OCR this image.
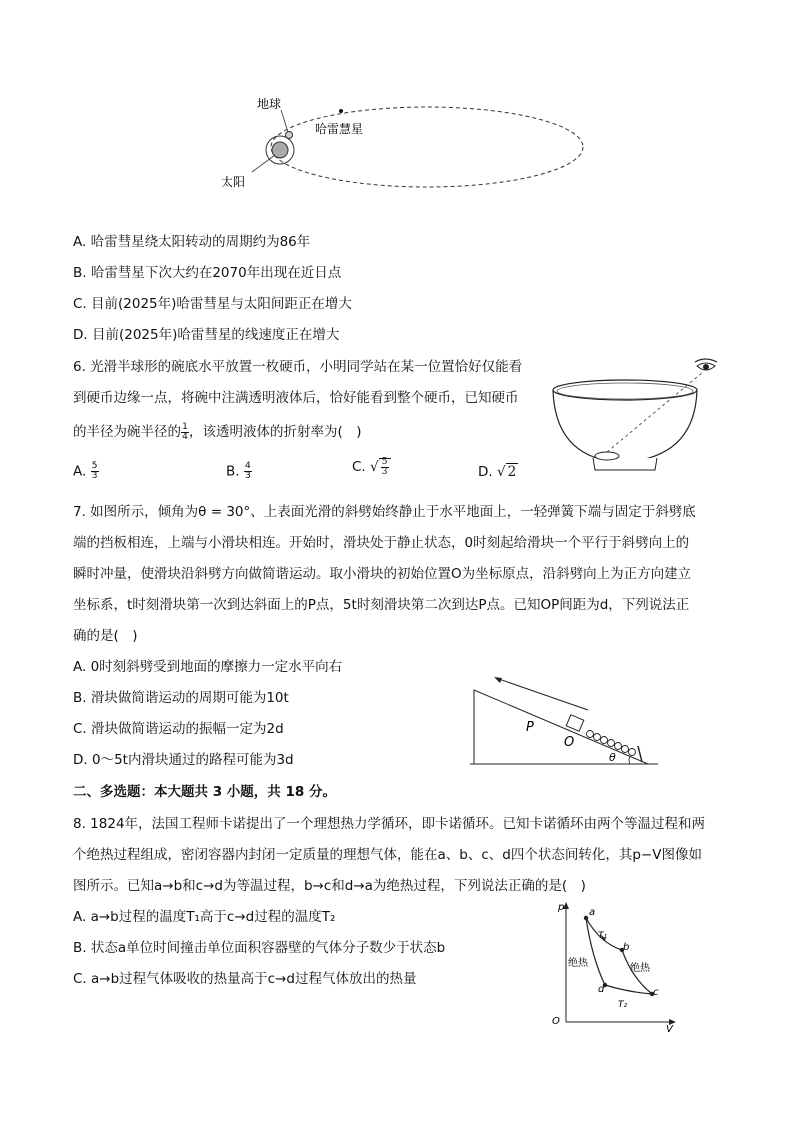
地球
哈雷慧星
太阳
A. 哈雷彗星绕太阳转动的周期约为86年
B. 哈雷彗星下次大约在2070年出现在近日点
C. 目前(2025年)哈雷彗星与太阳间距正在增大
D. 目前(2025年)哈雷彗星的线速度正在增大
6. 光滑半球形的碗底水平放置一枚硬币，小明同学站在某一位置恰好仅能看
到硬币边缘一点，将碗中注满透明液体后，恰好能看到整个硬币，已知硬币
的半径为碗半径的 $\frac{1}{4}$ ，该透明液体的折射率为(　)
A. $\frac{5}{3}$	B. $\frac{4}{3}$	C. √ $\frac{5}{3}$	D. √ 2
7. 如图所示，倾角为θ = 30°、上表面光滑的斜劈始终静止于水平地面上，一轻弹簧下端与固定于斜劈底
端的挡板相连，上端与小滑块相连。开始时，滑块处于静止状态，0时刻起给滑块一个平行于斜劈向上的
瞬时冲量，使滑块沿斜劈方向做简谐运动。取小滑块的初始位置O为坐标原点，沿斜劈向上为正方向建立
坐标系，t时刻滑块第一次到达斜面上的P点，5t时刻滑块第二次到达P点。已知OP间距为d，下列说法正
确的是(　)
A. 0时刻斜劈受到地面的摩擦力一定水平向右
B. 滑块做简谐运动的周期可能为10t
C. 滑块做简谐运动的振幅一定为2d
D. 0～5t内滑块通过的路程可能为3d
P
O
θ
二、多选题：本大题共 3 小题，共 18 分。
8. 1824年，法国工程师卡诺提出了一个理想热力学循环，即卡诺循环。已知卡诺循环由两个等温过程和两
个绝热过程组成，密闭容器内封闭一定质量的理想气体，能在a、b、c、d四个状态间转化，其p−V图像如
图所示。已知a→b和c→d为等温过程，b→c和d→a为绝热过程，下列说法正确的是(　)
A. a→b过程的温度T₁高于c→d过程的温度T₂
B. 状态a单位时间撞击单位面积容器壁的气体分子数少于状态b
C. a→b过程气体吸收的热量高于c→d过程气体放出的热量
p
V
O
a
b
c
d
T₁
T₂
绝热	绝热
